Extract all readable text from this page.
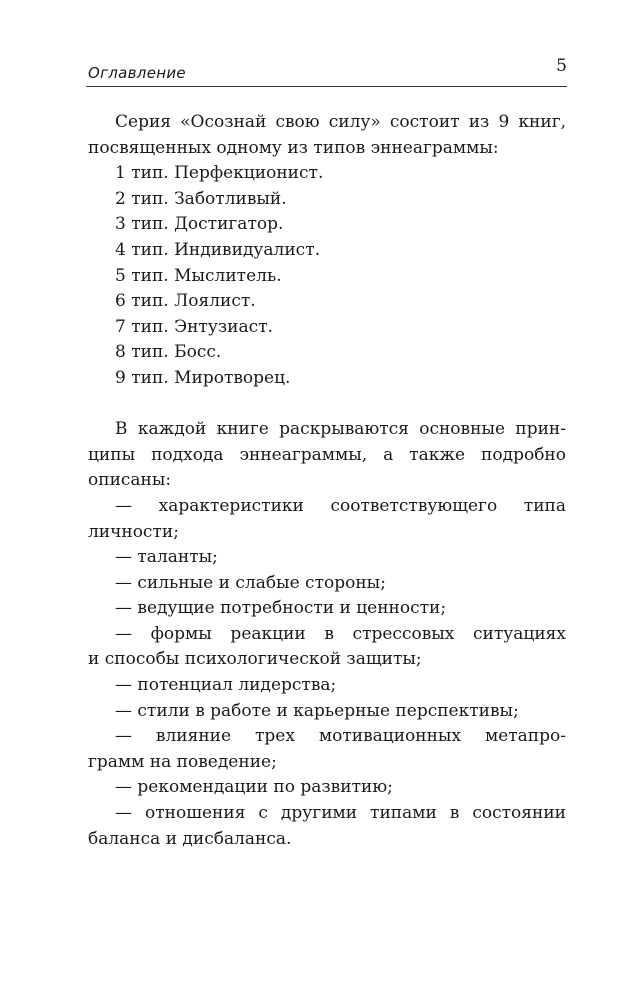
Оглавление	5

Серия «Осознай свою силу» состоит из 9 книг,

посвященных одному из типов эннеаграммы:
1 тип. Перфекционист.
2 тип. Заботливый.
3 тип. Достигатор.
4 тип. Индивидуалист.
5 тип. Мыслитель.
6 тип. Лоялист.
7 тип. Энтузиаст.
8 тип. Босс.
9 тип. Миротворец.

В каждой книге раскрываются основные прин-

ципы подхода эннеаграммы, а также подробно
описаны:
— характеристики соответствующего типа
личности;
— таланты;
— сильные и слабые стороны;
— ведущие потребности и ценности;
— формы реакции в стрессовых ситуациях
и способы психологической защиты;
— потенциал лидерства;
— стили в работе и карьерные перспективы;
— влияние трех мотивационных метапро-
грамм на поведение;
— рекомендации по развитию;
— отношения с другими типами в состоянии
баланса и дисбаланса.
